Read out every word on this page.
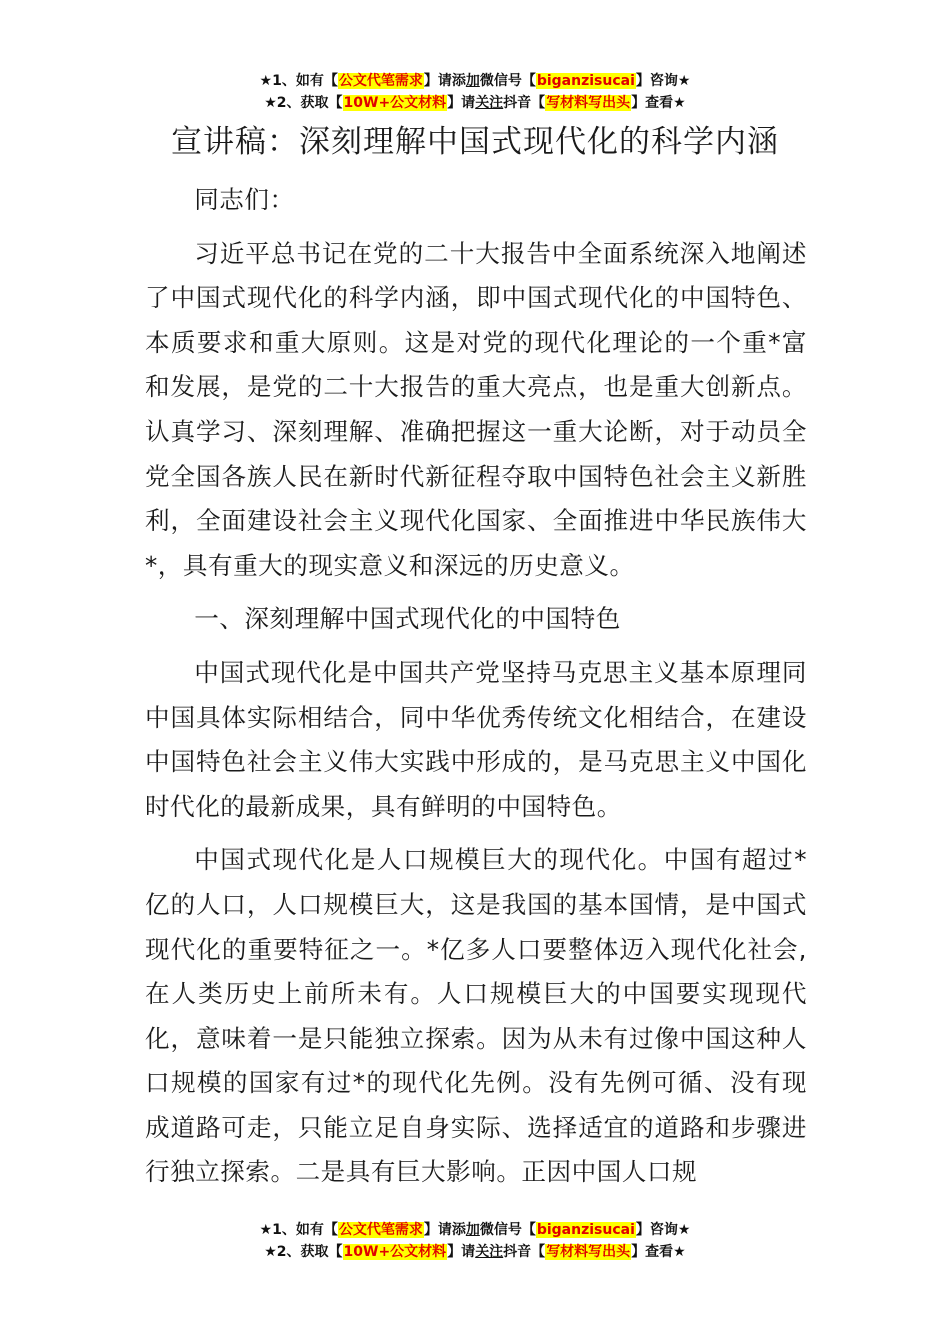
★1、如有【公文代笔需求】请添加微信号【biganzisucai】咨询★
★2、获取【10W+公文材料】请关注抖音【写材料写出头】查看★
宣讲稿：深刻理解中国式现代化的科学内涵

同志们：

习近平总书记在党的二十大报告中全面系统深入地阐述了中国式现代化的科学内涵，即中国式现代化的中国特色、本质要求和重大原则。这是对党的现代化理论的一个重*富和发展，是党的二十大报告的重大亮点，也是重大创新点。认真学习、深刻理解、准确把握这一重大论断，对于动员全党全国各族人民在新时代新征程夺取中国特色社会主义新胜利，全面建设社会主义现代化国家、全面推进中华民族伟大*，具有重大的现实意义和深远的历史意义。

一、深刻理解中国式现代化的中国特色

中国式现代化是中国共产党坚持马克思主义基本原理同中国具体实际相结合，同中华优秀传统文化相结合，在建设中国特色社会主义伟大实践中形成的，是马克思主义中国化时代化的最新成果，具有鲜明的中国特色。

中国式现代化是人口规模巨大的现代化。中国有超过*亿的人口，人口规模巨大，这是我国的基本国情，是中国式现代化的重要特征之一。*亿多人口要整体迈入现代化社会,在人类历史上前所未有。人口规模巨大的中国要实现现代化，意味着一是只能独立探索。因为从未有过像中国这种人口规模的国家有过*的现代化先例。没有先例可循、没有现成道路可走，只能立足自身实际、选择适宜的道路和步骤进行独立探索。二是具有巨大影响。正因中国人口规

★1、如有【公文代笔需求】请添加微信号【biganzisucai】咨询★
★2、获取【10W+公文材料】请关注抖音【写材料写出头】查看★
